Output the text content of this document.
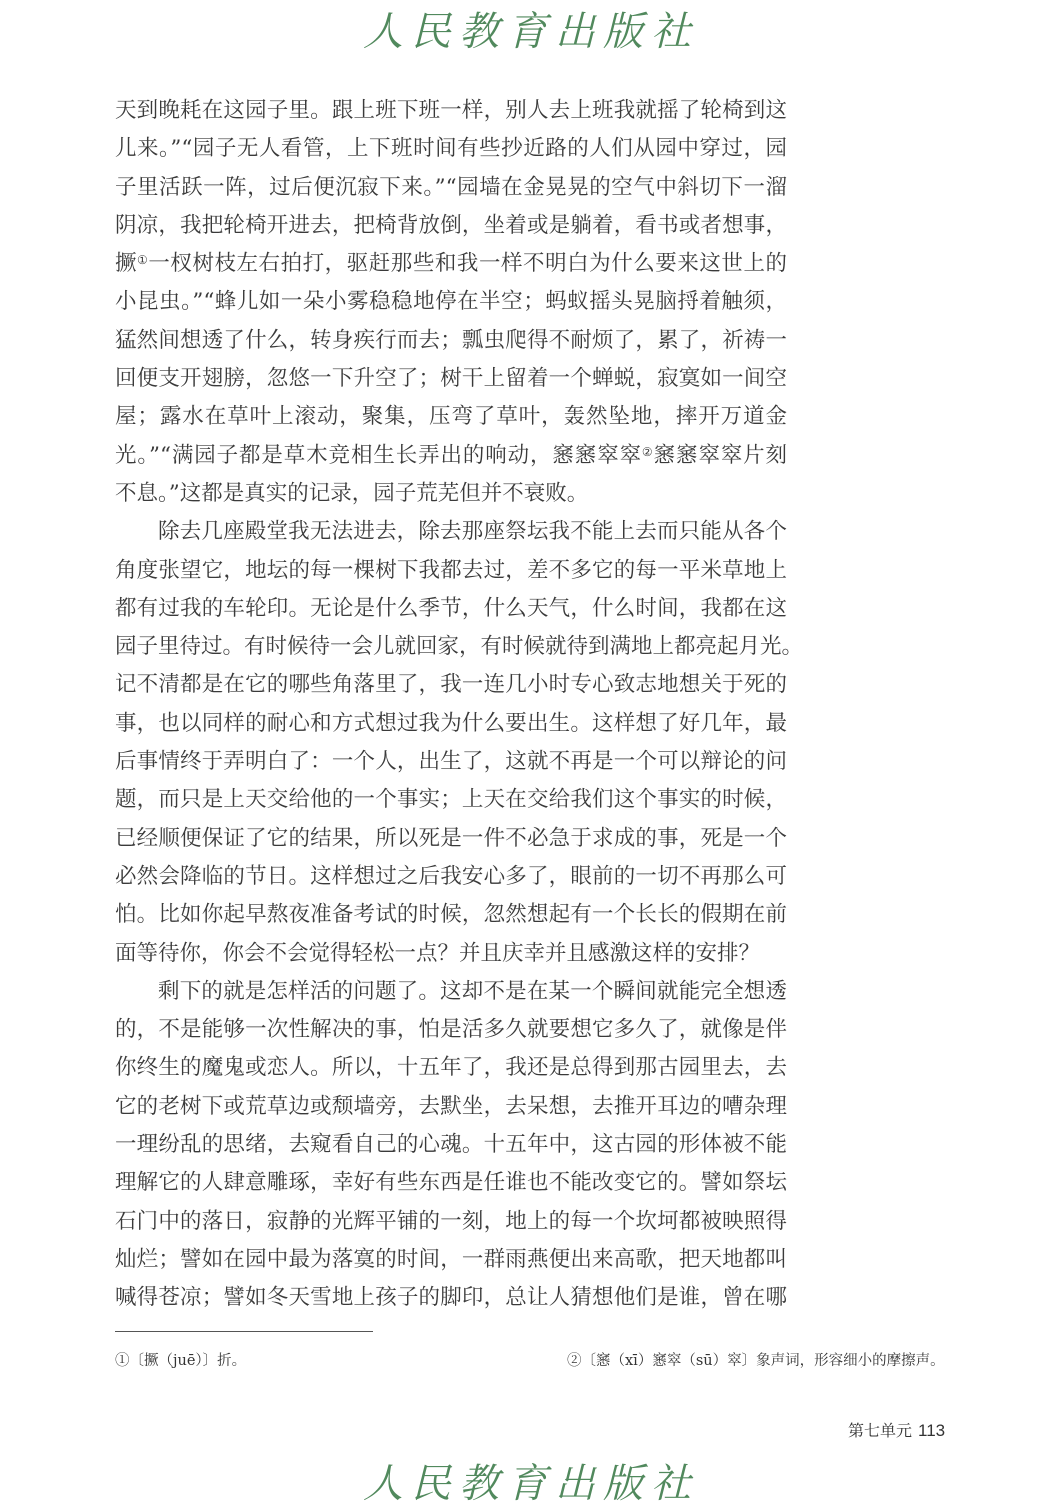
人民教育出版社
天到晚耗在这园子里。跟上班下班一样，别人去上班我就摇了轮椅到这
儿来。”“园子无人看管，上下班时间有些抄近路的人们从园中穿过，园
子里活跃一阵，过后便沉寂下来。”“园墙在金晃晃的空气中斜切下一溜
阴凉，我把轮椅开进去，把椅背放倒，坐着或是躺着，看书或者想事，
撅①一杈树枝左右拍打，驱赶那些和我一样不明白为什么要来这世上的
小昆虫。”“蜂儿如一朵小雾稳稳地停在半空；蚂蚁摇头晃脑捋着触须，
猛然间想透了什么，转身疾行而去；瓢虫爬得不耐烦了，累了，祈祷一
回便支开翅膀，忽悠一下升空了；树干上留着一个蝉蜕，寂寞如一间空
屋；露水在草叶上滚动，聚集，压弯了草叶，轰然坠地，摔开万道金
光。”“满园子都是草木竞相生长弄出的响动，窸窸窣窣②窸窸窣窣片刻
不息。”这都是真实的记录，园子荒芜但并不衰败。
除去几座殿堂我无法进去，除去那座祭坛我不能上去而只能从各个
角度张望它，地坛的每一棵树下我都去过，差不多它的每一平米草地上
都有过我的车轮印。无论是什么季节，什么天气，什么时间，我都在这
园子里待过。有时候待一会儿就回家，有时候就待到满地上都亮起月光。
记不清都是在它的哪些角落里了，我一连几小时专心致志地想关于死的
事，也以同样的耐心和方式想过我为什么要出生。这样想了好几年，最
后事情终于弄明白了：一个人，出生了，这就不再是一个可以辩论的问
题，而只是上天交给他的一个事实；上天在交给我们这个事实的时候，
已经顺便保证了它的结果，所以死是一件不必急于求成的事，死是一个
必然会降临的节日。这样想过之后我安心多了，眼前的一切不再那么可
怕。比如你起早熬夜准备考试的时候，忽然想起有一个长长的假期在前
面等待你，你会不会觉得轻松一点？并且庆幸并且感激这样的安排？
剩下的就是怎样活的问题了。这却不是在某一个瞬间就能完全想透
的，不是能够一次性解决的事，怕是活多久就要想它多久了，就像是伴
你终生的魔鬼或恋人。所以，十五年了，我还是总得到那古园里去，去
它的老树下或荒草边或颓墙旁，去默坐，去呆想，去推开耳边的嘈杂理
一理纷乱的思绪，去窥看自己的心魂。十五年中，这古园的形体被不能
理解它的人肆意雕琢，幸好有些东西是任谁也不能改变它的。譬如祭坛
石门中的落日，寂静的光辉平铺的一刻，地上的每一个坎坷都被映照得
灿烂；譬如在园中最为落寞的时间，一群雨燕便出来高歌，把天地都叫
喊得苍凉；譬如冬天雪地上孩子的脚印，总让人猜想他们是谁，曾在哪
①〔撅（juē）〕折。	②〔窸（xī）窸窣（sū）窣〕象声词，形容细小的摩擦声。
第七单元 113
人民教育出版社
